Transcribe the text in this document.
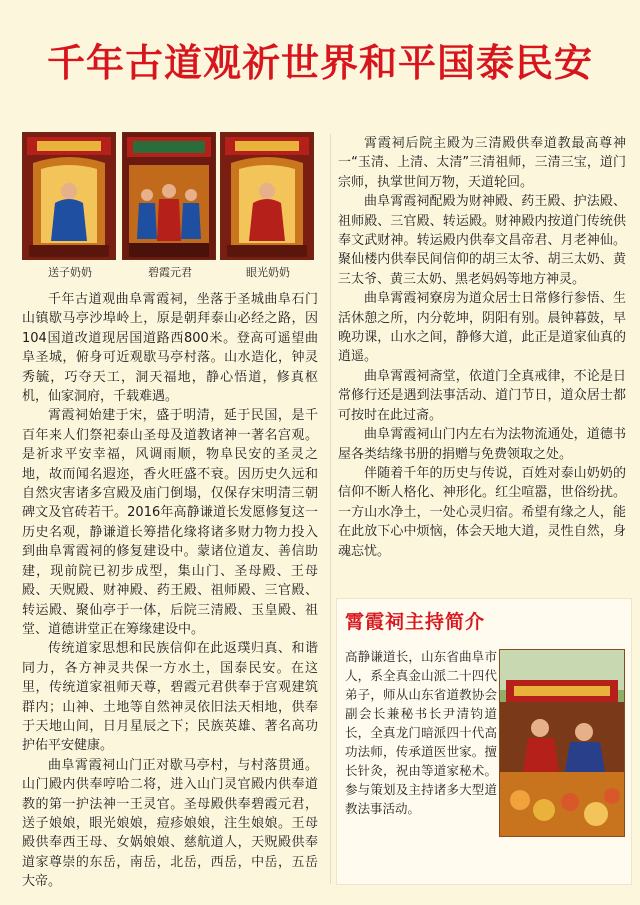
千年古道观祈世界和平国泰民安
送子奶奶	碧霞元君	眼光奶奶

千年古道观曲阜霄霞祠，坐落于圣城曲阜石门山镇歇马亭沙埠岭上，原是朝拜泰山必经之路，因104国道改道现居国道路西800米。登高可遥望曲阜圣城，俯身可近观歇马亭村落。山水造化，钟灵秀毓，巧夺天工，洞天福地，静心悟道，修真枢机，仙家洞府，千载难遇。

霄霞祠始建于宋，盛于明清，延于民国，是千百年来人们祭祀泰山圣母及道教诸神一著名宫观。是祈求平安幸福，风调雨顺，物阜民安的圣灵之地，故而闻名遐迩，香火旺盛不衰。因历史久远和自然灾害诸多宫殿及庙门倒塌，仅保存宋明清三朝碑文及官砖若干。2016年高静谦道长发愿修复这一历史名观，静谦道长筹措化缘将诸多财力物力投入到曲阜霄霞祠的修复建设中。蒙诸位道友、善信助建，现前院已初步成型，集山门、圣母殿、王母殿、天贶殿、财神殿、药王殿、祖师殿、三官殿、转运殿、聚仙亭于一体，后院三清殿、玉皇殿、祖堂、道德讲堂正在筹缘建设中。

传统道家思想和民族信仰在此返璞归真、和谐同力，各方神灵共保一方水土，国泰民安。在这里，传统道家祖师天尊，碧霞元君供奉于宫观建筑群内；山神、土地等自然神灵依旧法天相地，供奉于天地山间，日月星辰之下；民族英雄、著名高功护佑平安健康。

曲阜霄霞祠山门正对歇马亭村，与村落贯通。山门殿内供奉哼哈二将，进入山门灵官殿内供奉道教的第一护法神一王灵官。圣母殿供奉碧霞元君，送子娘娘，眼光娘娘，痘疹娘娘，注生娘娘。王母殿供奉西王母、女娲娘娘、慈航道人，天贶殿供奉道家尊崇的东岳，南岳，北岳，西岳，中岳，五岳大帝。

霄霞祠后院主殿为三清殿供奉道教最高尊神一“玉清、上清、太清”三清祖师，三清三宝，道门宗师，执掌世间万物，天道轮回。

曲阜霄霞祠配殿为财神殿、药王殿、护法殿、祖师殿、三官殿、转运殿。财神殿内按道门传统供奉文武财神。转运殿内供奉文昌帝君、月老神仙。聚仙楼内供奉民间信仰的胡三太爷、胡三太奶、黄三太爷、黄三太奶、黑老妈妈等地方神灵。

曲阜霄霞祠寮房为道众居士日常修行参悟、生活休憩之所，内分乾坤，阴阳有别。晨钟暮鼓，早晚功课，山水之间，静修大道，此正是道家仙真的逍遥。

曲阜霄霞祠斋堂，依道门全真戒律，不论是日常修行还是遇到法事活动、道门节日，道众居士都可按时在此过斋。

曲阜霄霞祠山门内左右为法物流通处，道德书屋各类结缘书册的捐赠与免费领取之处。

伴随着千年的历史与传说，百姓对泰山奶奶的信仰不断人格化、神形化。红尘喧嚣，世俗纷扰。一方山水净土，一处心灵归宿。希望有缘之人，能在此放下心中烦恼，体会天地大道，灵性自然，身魂忘忧。

霄霞祠主持简介
高静谦道长，山东省曲阜市人，系全真金山派二十四代弟子，师从山东省道教协会副会长兼秘书长尹清钧道长，全真龙门暗派四十代高功法师，传承道医世家。擅长针灸，祝由等道家秘术。参与策划及主持诸多大型道教法事活动。
